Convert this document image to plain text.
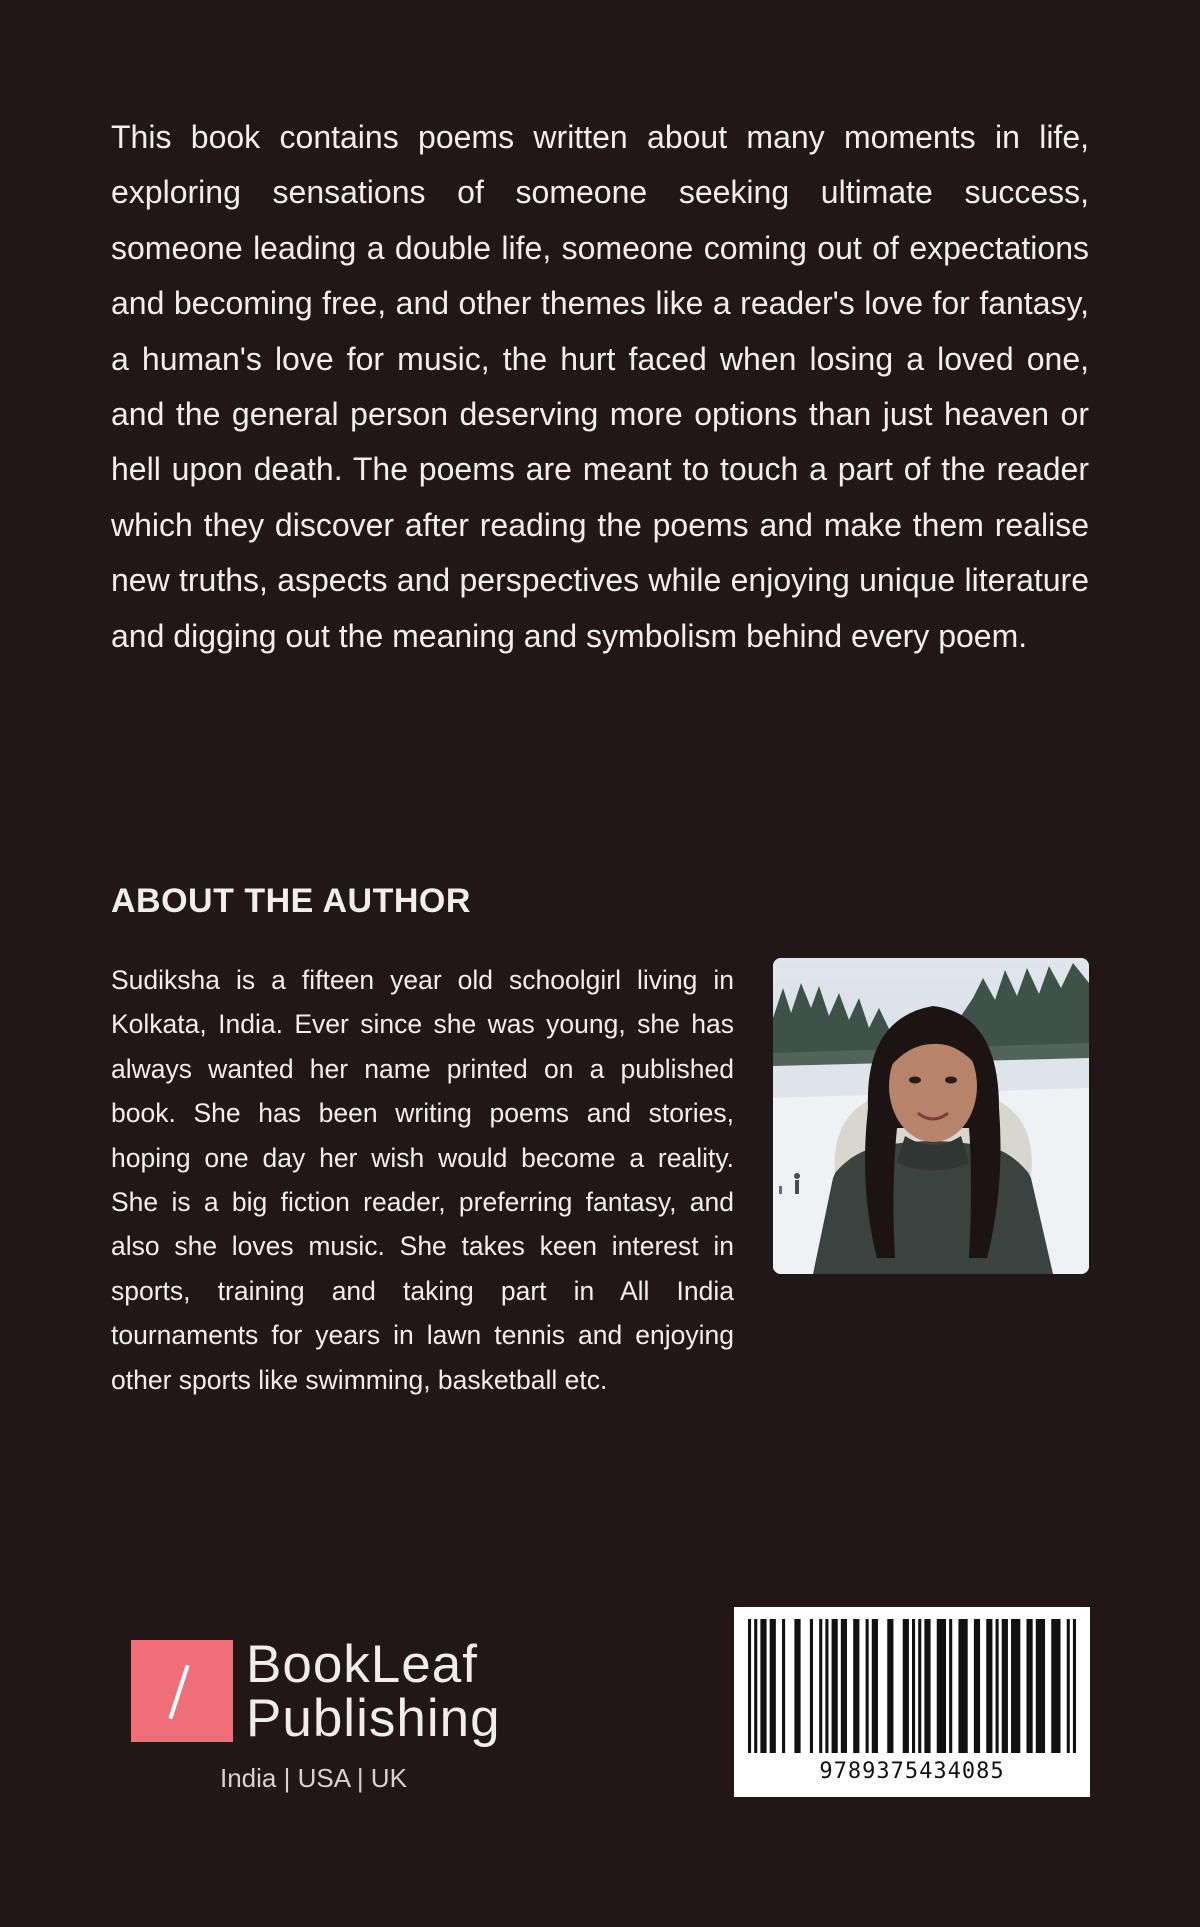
This book contains poems written about many moments in life, exploring sensations of someone seeking ultimate success, someone leading a double life, someone coming out of expectations and becoming free, and other themes like a reader's love for fantasy, a human's love for music, the hurt faced when losing a loved one, and the general person deserving more options than just heaven or hell upon death. The poems are meant to touch a part of the reader which they discover after reading the poems and make them realise new truths, aspects and perspectives while enjoying unique literature and digging out the meaning and symbolism behind every poem.

ABOUT THE AUTHOR

Sudiksha is a fifteen year old schoolgirl living in Kolkata, India. Ever since she was young, she has always wanted her name printed on a published book. She has been writing poems and stories, hoping one day her wish would become a reality. She is a big fiction reader, preferring fantasy, and also she loves music. She takes keen interest in sports, training and taking part in All India tournaments for years in lawn tennis and enjoying other sports like swimming, basketball etc.

BookLeaf
Publishing
India | USA | UK	9789375434085
